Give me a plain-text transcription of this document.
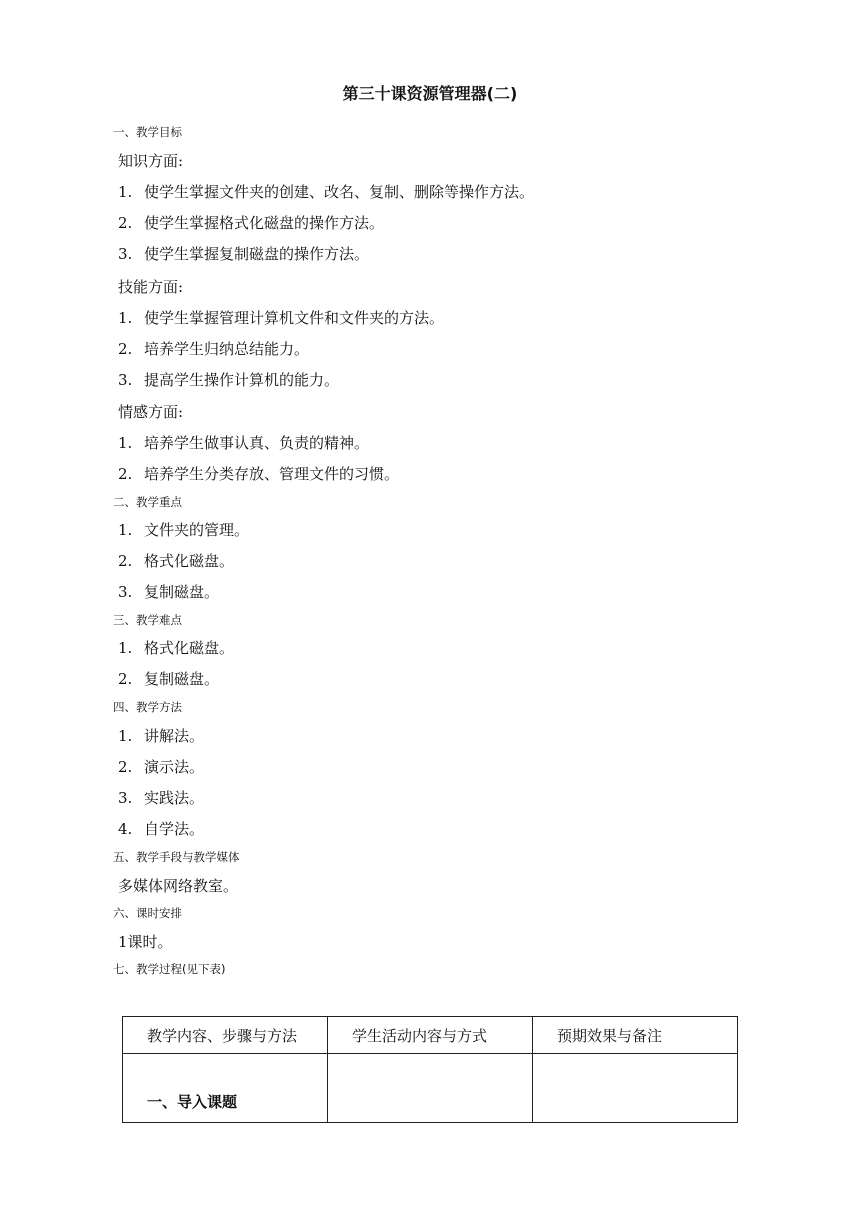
第三十课资源管理器(二)
一、教学目标
知识方面:
1. 使学生掌握文件夹的创建、改名、复制、删除等操作方法。
2. 使学生掌握格式化磁盘的操作方法。
3. 使学生掌握复制磁盘的操作方法。
技能方面:
1. 使学生掌握管理计算机文件和文件夹的方法。
2. 培养学生归纳总结能力。
3. 提高学生操作计算机的能力。
情感方面:
1. 培养学生做事认真、负责的精神。
2. 培养学生分类存放、管理文件的习惯。
二、教学重点
1. 文件夹的管理。
2. 格式化磁盘。
3. 复制磁盘。
三、教学难点
1. 格式化磁盘。
2. 复制磁盘。
四、教学方法
1. 讲解法。
2. 演示法。
3. 实践法。
4. 自学法。
五、教学手段与教学媒体
多媒体网络教室。
六、课时安排
1课时。
七、教学过程(见下表)
教学内容、步骤与方法	学生活动内容与方式	预期效果与备注

一、导入课题		
